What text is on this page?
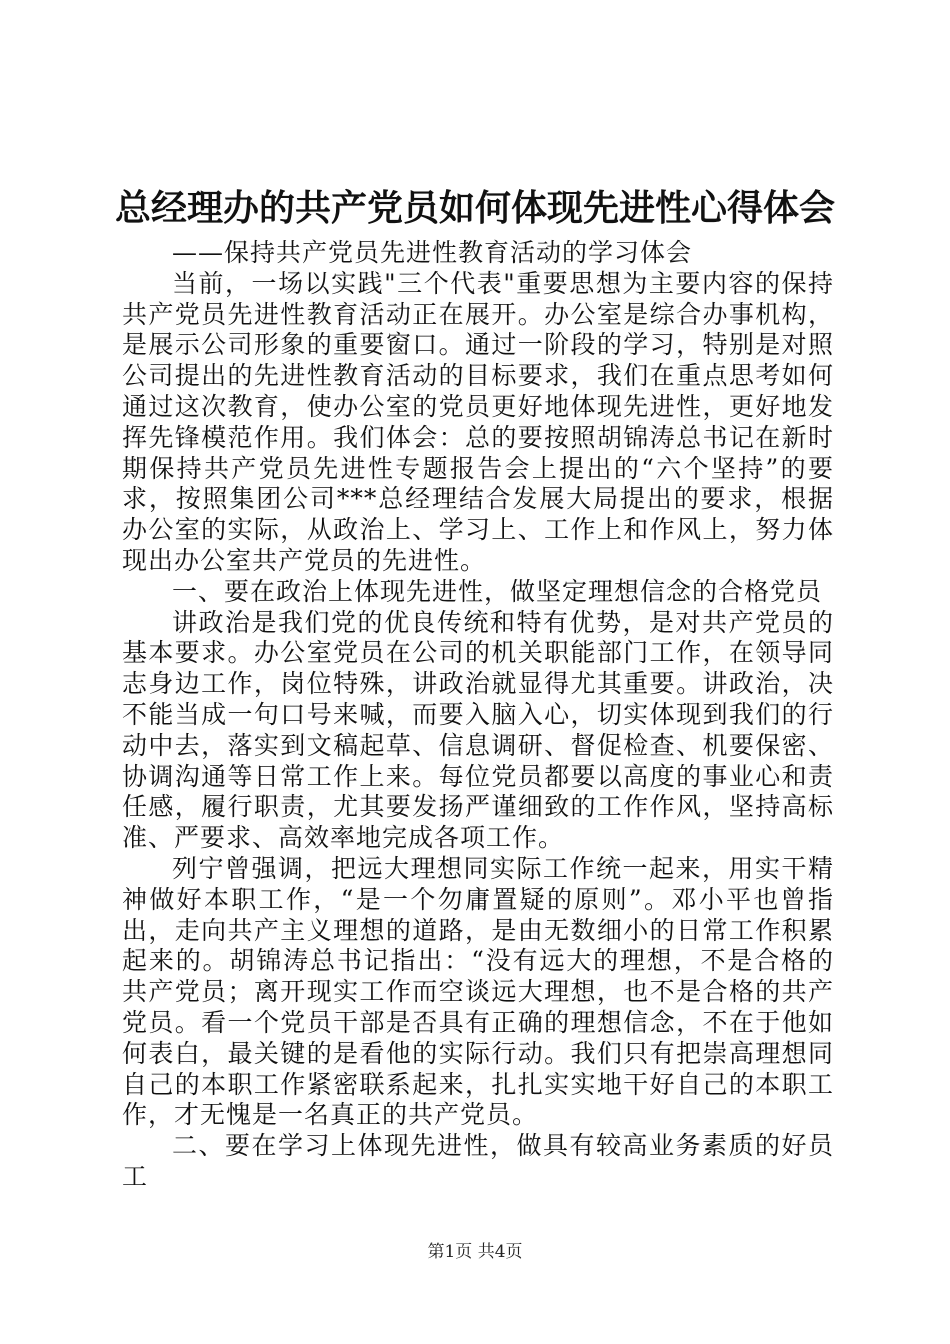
总经理办的共产党员如何体现先进性心得体会

——保持共产党员先进性教育活动的学习体会

当前，一场以实践"三个代表"重要思想为主要内容的保持共产党员先进性教育活动正在展开。办公室是综合办事机构，是展示公司形象的重要窗口。通过一阶段的学习，特别是对照公司提出的先进性教育活动的目标要求，我们在重点思考如何通过这次教育，使办公室的党员更好地体现先进性，更好地发挥先锋模范作用。我们体会：总的要按照胡锦涛总书记在新时期保持共产党员先进性专题报告会上提出的“六个坚持”的要求，按照集团公司***总经理结合发展大局提出的要求，根据办公室的实际，从政治上、学习上、工作上和作风上，努力体现出办公室共产党员的先进性。

一、要在政治上体现先进性，做坚定理想信念的合格党员

讲政治是我们党的优良传统和特有优势，是对共产党员的基本要求。办公室党员在公司的机关职能部门工作，在领导同志身边工作，岗位特殊，讲政治就显得尤其重要。讲政治，决不能当成一句口号来喊，而要入脑入心，切实体现到我们的行动中去，落实到文稿起草、信息调研、督促检查、机要保密、协调沟通等日常工作上来。每位党员都要以高度的事业心和责任感，履行职责，尤其要发扬严谨细致的工作作风，坚持高标准、严要求、高效率地完成各项工作。

列宁曾强调，把远大理想同实际工作统一起来，用实干精神做好本职工作，“是一个勿庸置疑的原则”。邓小平也曾指出，走向共产主义理想的道路，是由无数细小的日常工作积累起来的。胡锦涛总书记指出：“没有远大的理想，不是合格的共产党员；离开现实工作而空谈远大理想，也不是合格的共产党员。看一个党员干部是否具有正确的理想信念，不在于他如何表白，最关键的是看他的实际行动。我们只有把崇高理想同自己的本职工作紧密联系起来，扎扎实实地干好自己的本职工作，才无愧是一名真正的共产党员。

二、要在学习上体现先进性，做具有较高业务素质的好员工

第1页 共4页
